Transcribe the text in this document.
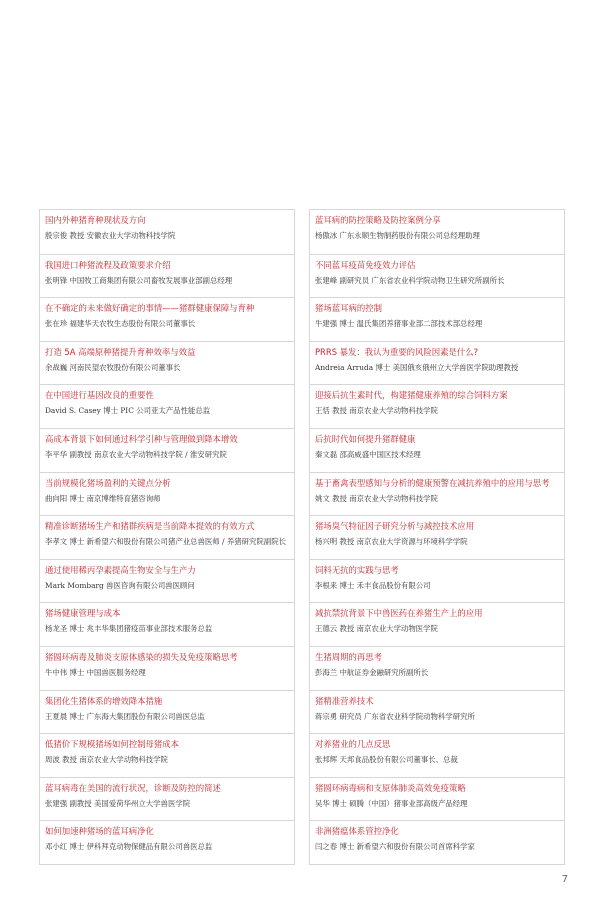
国内外种猪育种现状及方向
殷宗俊 教授 安徽农业大学动物科技学院
我国进口种猪流程及政策要求介绍
张明锋 中国牧工商集团有限公司畜牧发展事业部副总经理
在不确定的未来做好确定的事情——猪群健康保障与育种
张在珍 福建华天农牧生态股份有限公司董事长
打造 5A 高端原种猪提升育种效率与效益
余战巍 河南民望农牧股份有限公司董事长
在中国进行基因改良的重要性
David S. Casey 博士 PIC 公司亚太产品性能总监
高成本背景下如何通过科学引种与管理做到降本增效
李平华 副教授 南京农业大学动物科技学院 / 淮安研究院
当前规模化猪场盈利的关键点分析
曲向阳 博士 南京博维特育猪咨询师
精准诊断猪场生产和猪群疾病是当前降本提效的有效方式
李孝文 博士 新希望六和股份有限公司猪产业总兽医师 / 养猪研究院副院长
通过使用稀丙孕素提高生物安全与生产力
Mark Mombarg 兽医咨询有限公司兽医顾问
猪场健康管理与成本
杨龙圣 博士 兆丰华集团猪疫苗事业部技术服务总监
猪圆环病毒及肺炎支原体感染的损失及免疫策略思考
牛中伟 博士 中国兽医服务经理
集团化生猪体系的增效降本措施
王夏晨 博士 广东海大集团股份有限公司兽医总监
低猪价下规模猪场如何控制母猪成本
周波 教授 南京农业大学动物科技学院
蓝耳病毒在美国的流行状况，诊断及防控的简述
张建强 副教授 美国爱荷华州立大学兽医学院
如何加速种猪场的蓝耳病净化
邓小红 博士 伊科拜克动物保健品有限公司兽医总监
蓝耳病的防控策略及防控案例分享
杨傲冰 广东永顺生物制药股份有限公司总经理助理
不同蓝耳疫苗免疫效力评估
张建峰 副研究员 广东省农业科学院动物卫生研究所副所长
猪场蓝耳病的控制
牛建强 博士 温氏集团养猪事业部二部技术部总经理
PRRS 暴发：我认为重要的风险因素是什么?
Andreia Arruda 博士 美国俄亥俄州立大学兽医学院助理教授
迎接后抗生素时代，构建猪健康养殖的综合饲料方案
王恬 教授 南京农业大学动物科技学院
后抗时代如何提升猪群健康
秦文磊 邵高威盛中国区技术经理
基于畜禽表型感知与分析的健康预警在减抗养殖中的应用与思考
姚文 教授 南京农业大学动物科技学院
猪场臭气特征因子研究分析与减控技术应用
杨兴明 教授 南京农业大学资源与环境科学学院
饲料无抗的实践与思考
李根来 博士 禾丰食品股份有限公司
减抗禁抗背景下中兽医药在养猪生产上的应用
王德云 教授 南京农业大学动物医学院
生猪周期的再思考
彭海兰 中航证券金融研究所副所长
猪精准营养技术
蒋宗勇 研究员 广东省农业科学院动物科学研究所
对养猪业的几点反思
张邦辉 天邦食品股份有限公司董事长、总裁
猪圆环病毒病和支原体肺炎高效免疫策略
吴华 博士 硕腾（中国）猪事业部高级产品经理
非洲猪瘟体系管控净化
闫之春 博士 新希望六和股份有限公司首席科学家
7
